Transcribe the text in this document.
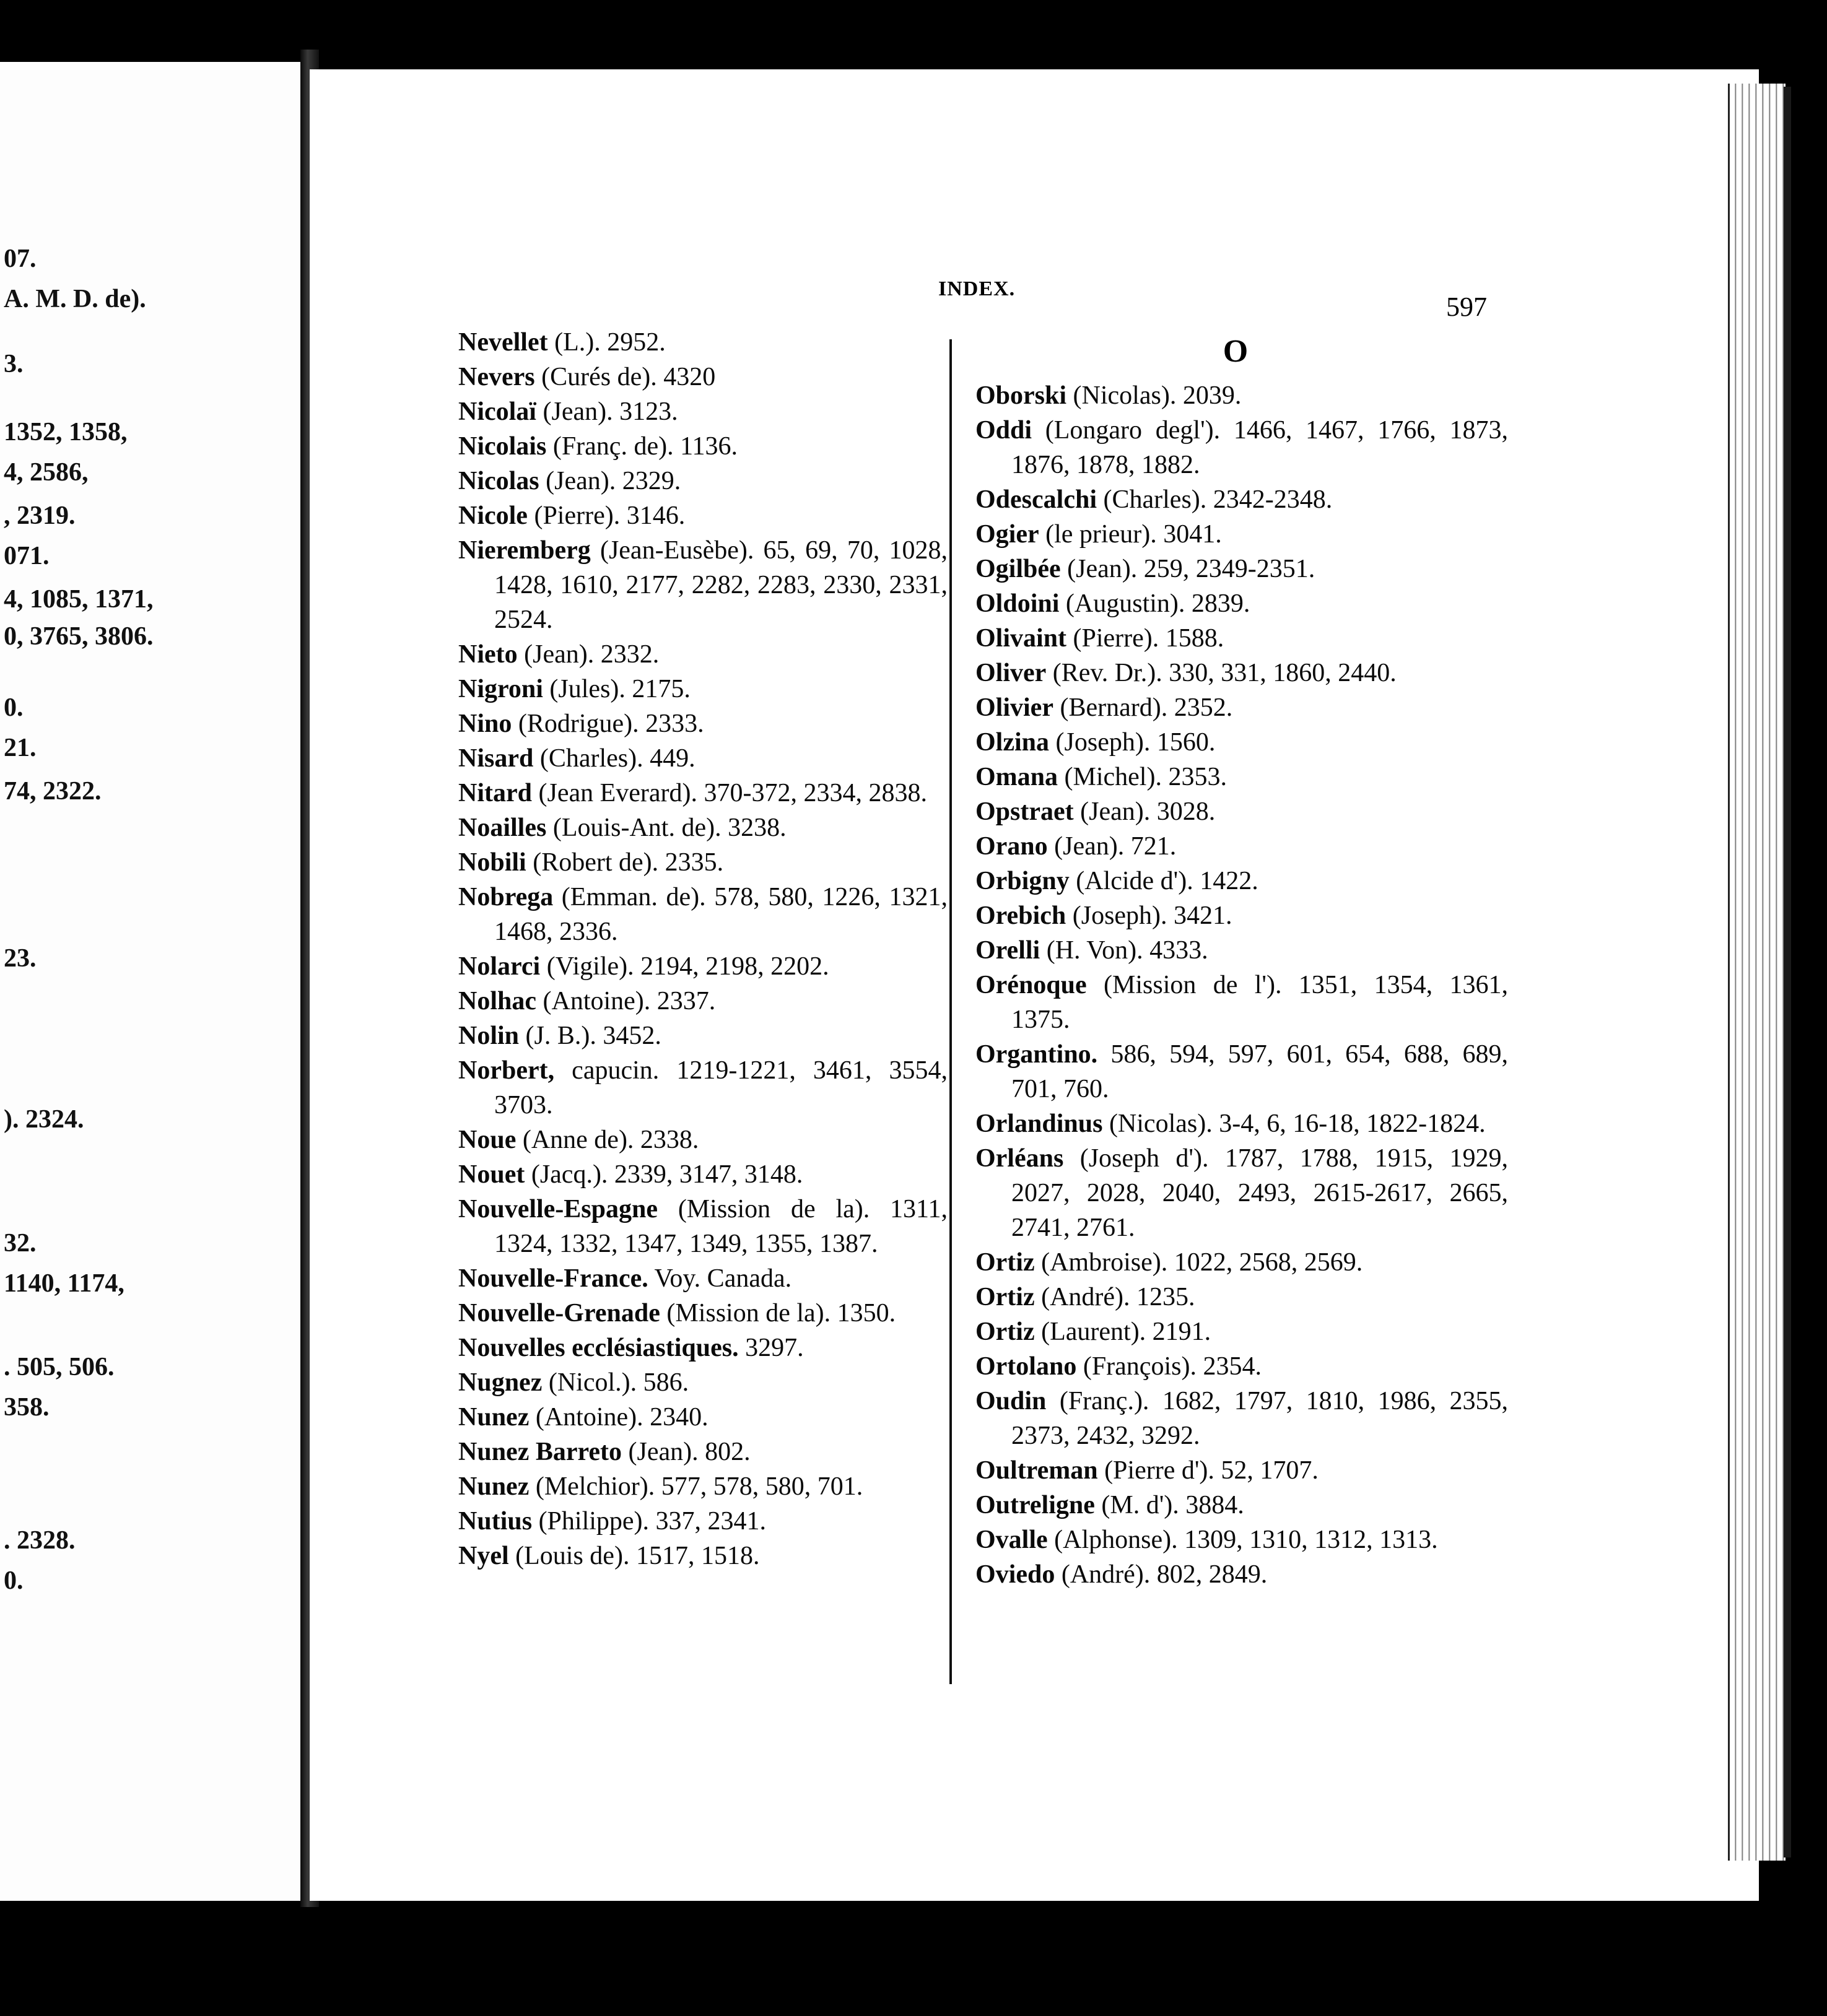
07.
A. M. D. de).
3.
1352, 1358,
4, 2586,
, 2319.
071.
4, 1085, 1371,
0, 3765, 3806.
0.
21.
74, 2322.
23.
). 2324.
32.
1140, 1174,
. 505, 506.
358.
. 2328.
0.
INDEX.
597
Nevellet (L.). 2952.
Nevers (Curés de). 4320
Nicolaï (Jean). 3123.
Nicolais (Franç. de). 1136.
Nicolas (Jean). 2329.
Nicole (Pierre). 3146.
Nieremberg (Jean-Eusèbe). 65, 69, 70, 1028, 1428, 1610, 2177, 2282, 2283, 2330, 2331, 2524.
Nieto (Jean). 2332.
Nigroni (Jules). 2175.
Nino (Rodrigue). 2333.
Nisard (Charles). 449.
Nitard (Jean Everard). 370-372, 2334, 2838.
Noailles (Louis-Ant. de). 3238.
Nobili (Robert de). 2335.
Nobrega (Emman. de). 578, 580, 1226, 1321, 1468, 2336.
Nolarci (Vigile). 2194, 2198, 2202.
Nolhac (Antoine). 2337.
Nolin (J. B.). 3452.
Norbert, capucin. 1219-1221, 3461, 3554, 3703.
Noue (Anne de). 2338.
Nouet (Jacq.). 2339, 3147, 3148.
Nouvelle-Espagne (Mission de la). 1311, 1324, 1332, 1347, 1349, 1355, 1387.
Nouvelle-France. Voy. Canada.
Nouvelle-Grenade (Mission de la). 1350.
Nouvelles ecclésiastiques. 3297.
Nugnez (Nicol.). 586.
Nunez (Antoine). 2340.
Nunez Barreto (Jean). 802.
Nunez (Melchior). 577, 578, 580, 701.
Nutius (Philippe). 337, 2341.
Nyel (Louis de). 1517, 1518.
O
Oborski (Nicolas). 2039.
Oddi (Longaro degl'). 1466, 1467, 1766, 1873, 1876, 1878, 1882.
Odescalchi (Charles). 2342-2348.
Ogier (le prieur). 3041.
Ogilbée (Jean). 259, 2349-2351.
Oldoini (Augustin). 2839.
Olivaint (Pierre). 1588.
Oliver (Rev. Dr.). 330, 331, 1860, 2440.
Olivier (Bernard). 2352.
Olzina (Joseph). 1560.
Omana (Michel). 2353.
Opstraet (Jean). 3028.
Orano (Jean). 721.
Orbigny (Alcide d'). 1422.
Orebich (Joseph). 3421.
Orelli (H. Von). 4333.
Orénoque (Mission de l'). 1351, 1354, 1361, 1375.
Organtino. 586, 594, 597, 601, 654, 688, 689, 701, 760.
Orlandinus (Nicolas). 3-4, 6, 16-18, 1822-1824.
Orléans (Joseph d'). 1787, 1788, 1915, 1929, 2027, 2028, 2040, 2493, 2615-2617, 2665, 2741, 2761.
Ortiz (Ambroise). 1022, 2568, 2569.
Ortiz (André). 1235.
Ortiz (Laurent). 2191.
Ortolano (François). 2354.
Oudin (Franç.). 1682, 1797, 1810, 1986, 2355, 2373, 2432, 3292.
Oultreman (Pierre d'). 52, 1707.
Outreligne (M. d'). 3884.
Ovalle (Alphonse). 1309, 1310, 1312, 1313.
Oviedo (André). 802, 2849.
